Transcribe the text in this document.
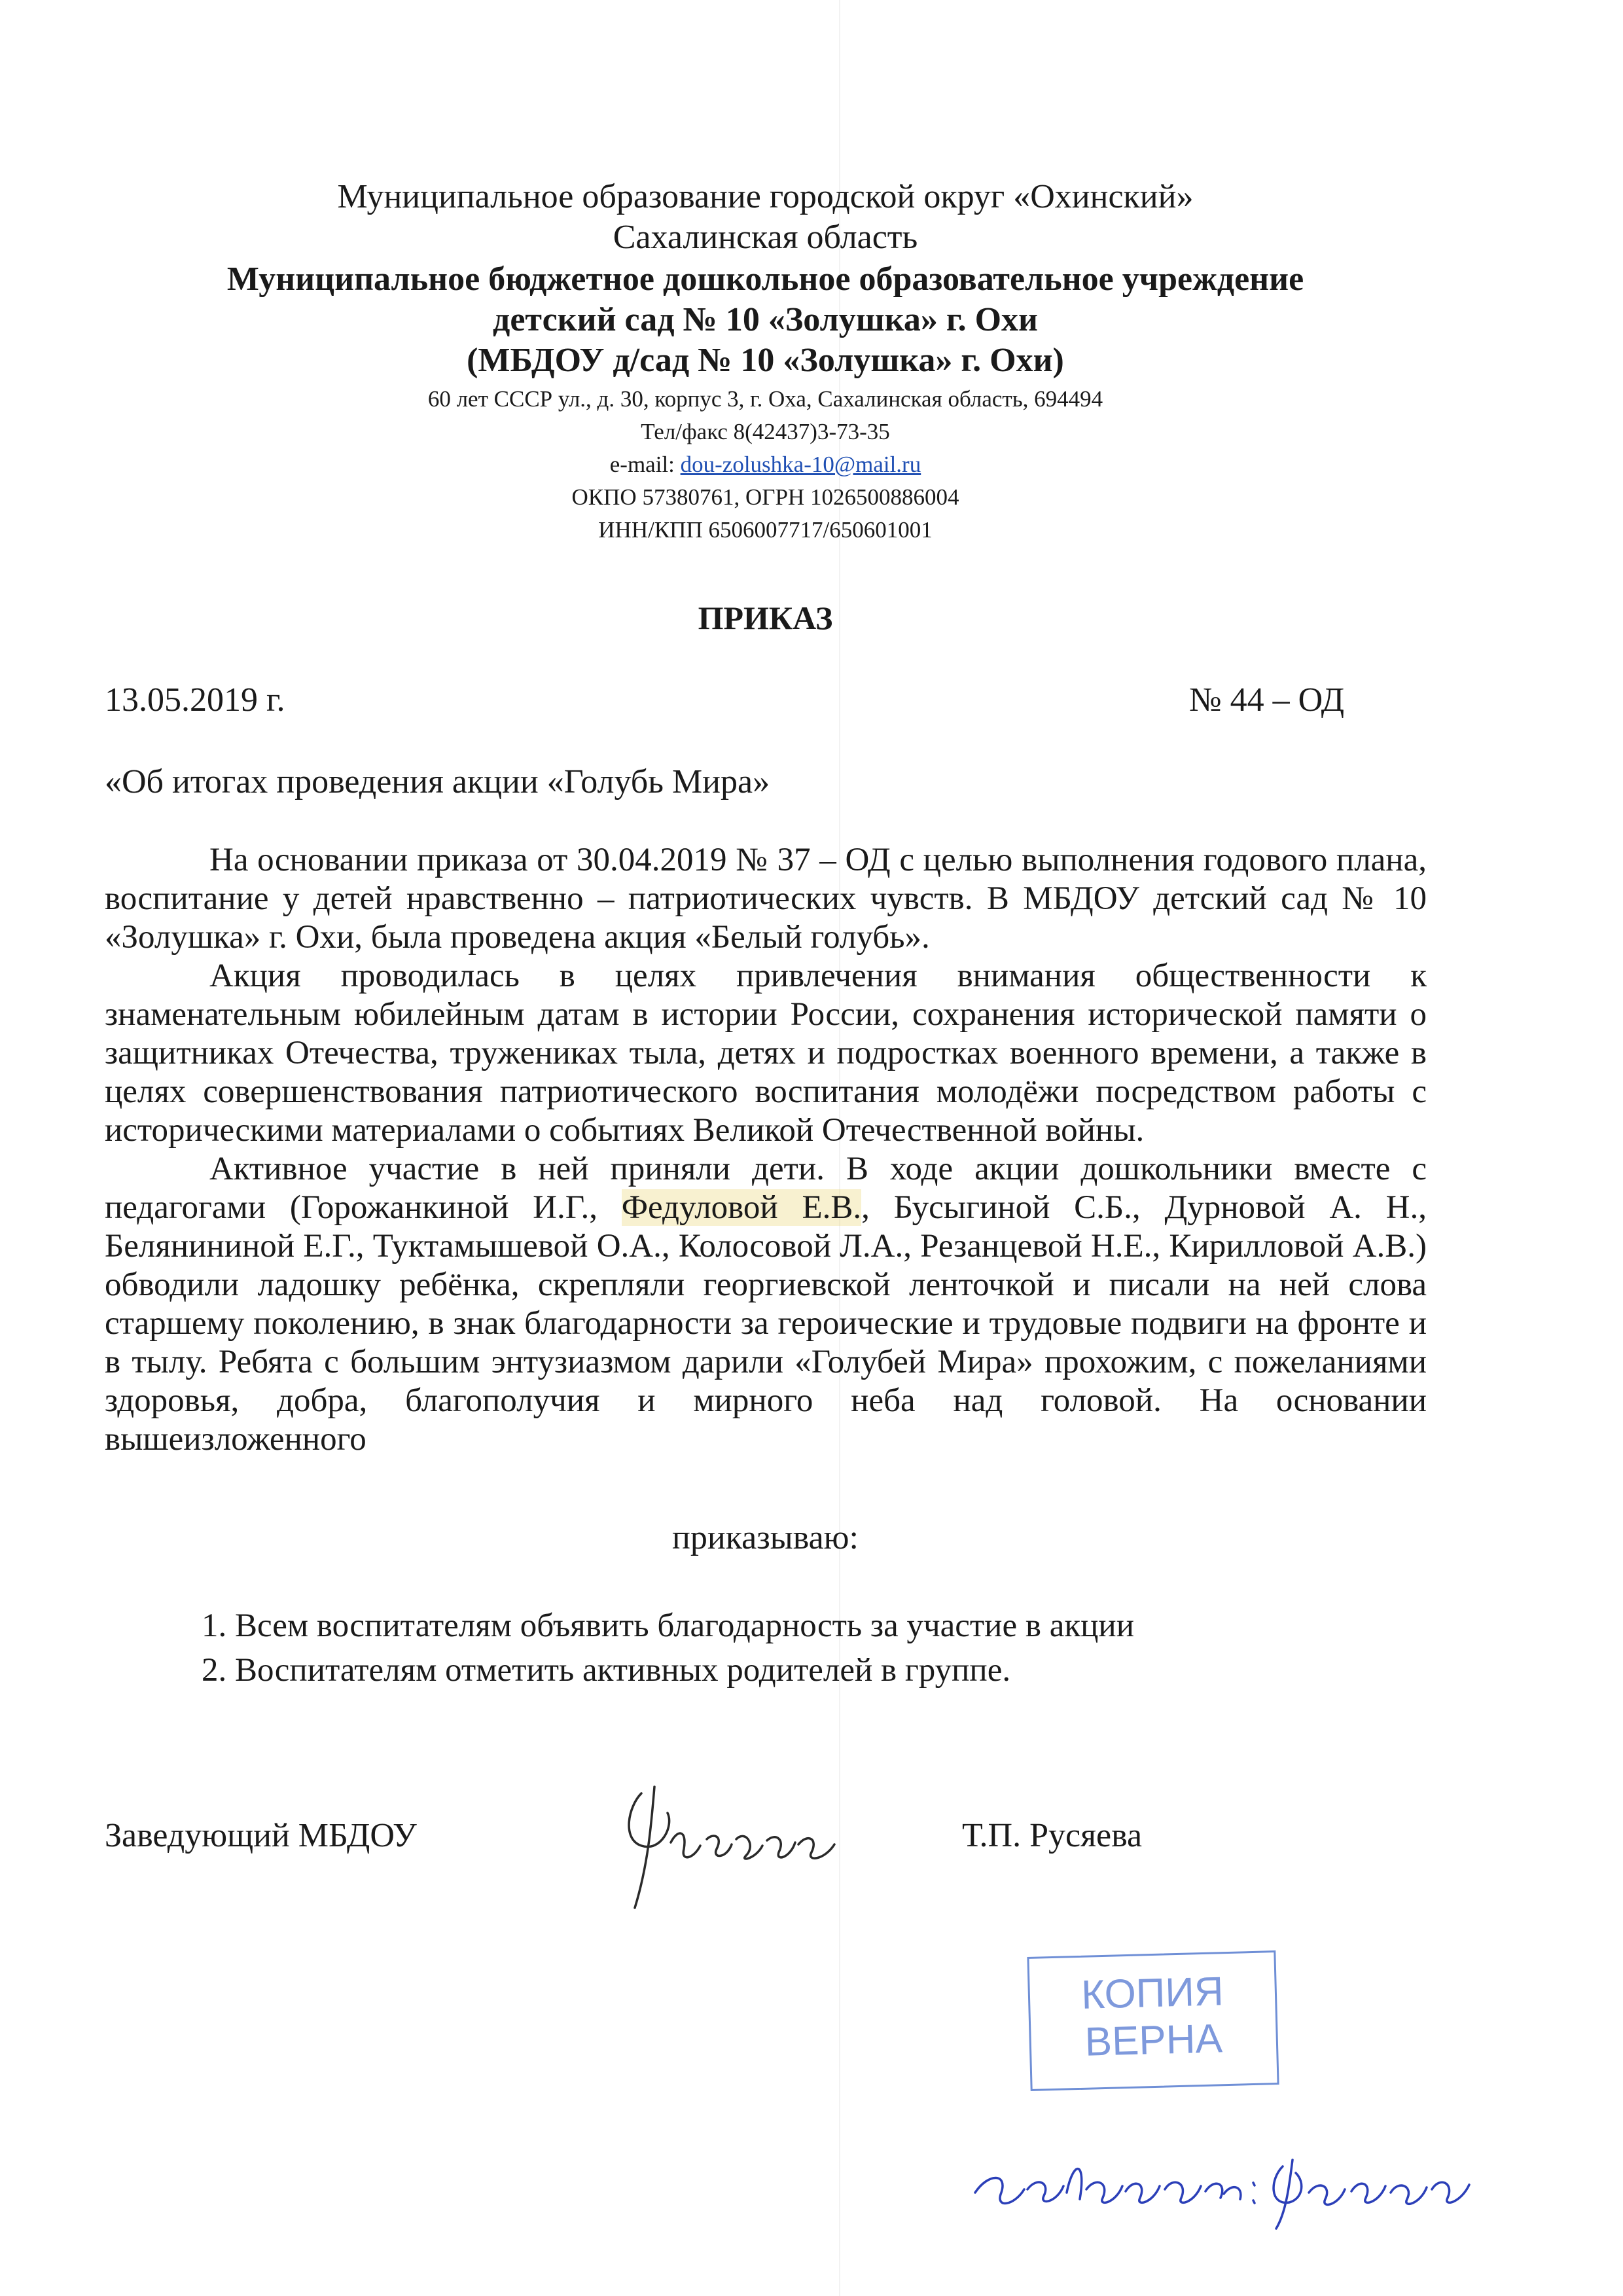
Муниципальное образование городской округ «Охинский»
Сахалинская область
Муниципальное бюджетное дошкольное образовательное учреждение
детский сад № 10 «Золушка» г. Охи
(МБДОУ д/сад № 10 «Золушка» г. Охи)
60 лет СССР ул., д. 30, корпус 3, г. Оха, Сахалинская область, 694494
Тел/факс 8(42437)3-73-35
e-mail: dou-zolushka-10@mail.ru
ОКПО 57380761, ОГРН 1026500886004
ИНН/КПП 6506007717/650601001
ПРИКАЗ
13.05.2019 г.	№ 44 – ОД
«Об итогах проведения акции «Голубь Мира»

На основании приказа от 30.04.2019 № 37 – ОД с целью выполнения годового плана, воспитание у детей нравственно – патриотических чувств. В МБДОУ детский сад № 10 «Золушка» г. Охи, была проведена акция «Белый голубь».

Акция проводилась в целях привлечения внимания общественности к знаменательным юбилейным датам в истории России, сохранения исторической памяти о защитниках Отечества, тружениках тыла, детях и подростках военного времени, а также в целях совершенствования патриотического воспитания молодёжи посредством работы с историческими материалами о событиях Великой Отечественной войны.

Активное участие в ней приняли дети. В ходе акции дошкольники вместе с педагогами (Горожанкиной И.Г., Федуловой Е.В., Бусыгиной С.Б., Дурновой А. Н., Белянининой Е.Г., Туктамышевой О.А., Колосовой Л.А., Резанцевой Н.Е., Кирилловой А.В.) обводили ладошку ребёнка, скрепляли георгиевской ленточкой и писали на ней слова старшему поколению, в знак благодарности за героические и трудовые подвиги на фронте и в тылу. Ребята с большим энтузиазмом дарили «Голубей Мира» прохожим, с пожеланиями здоровья, добра, благополучия и мирного неба над головой. На основании вышеизложенного

приказываю:
1. Всем воспитателям объявить благодарность за участие в акции
2. Воспитателям отметить активных родителей в группе.
Заведующий МБДОУ	Т.П. Русяева
КОПИЯ
ВЕРНА
